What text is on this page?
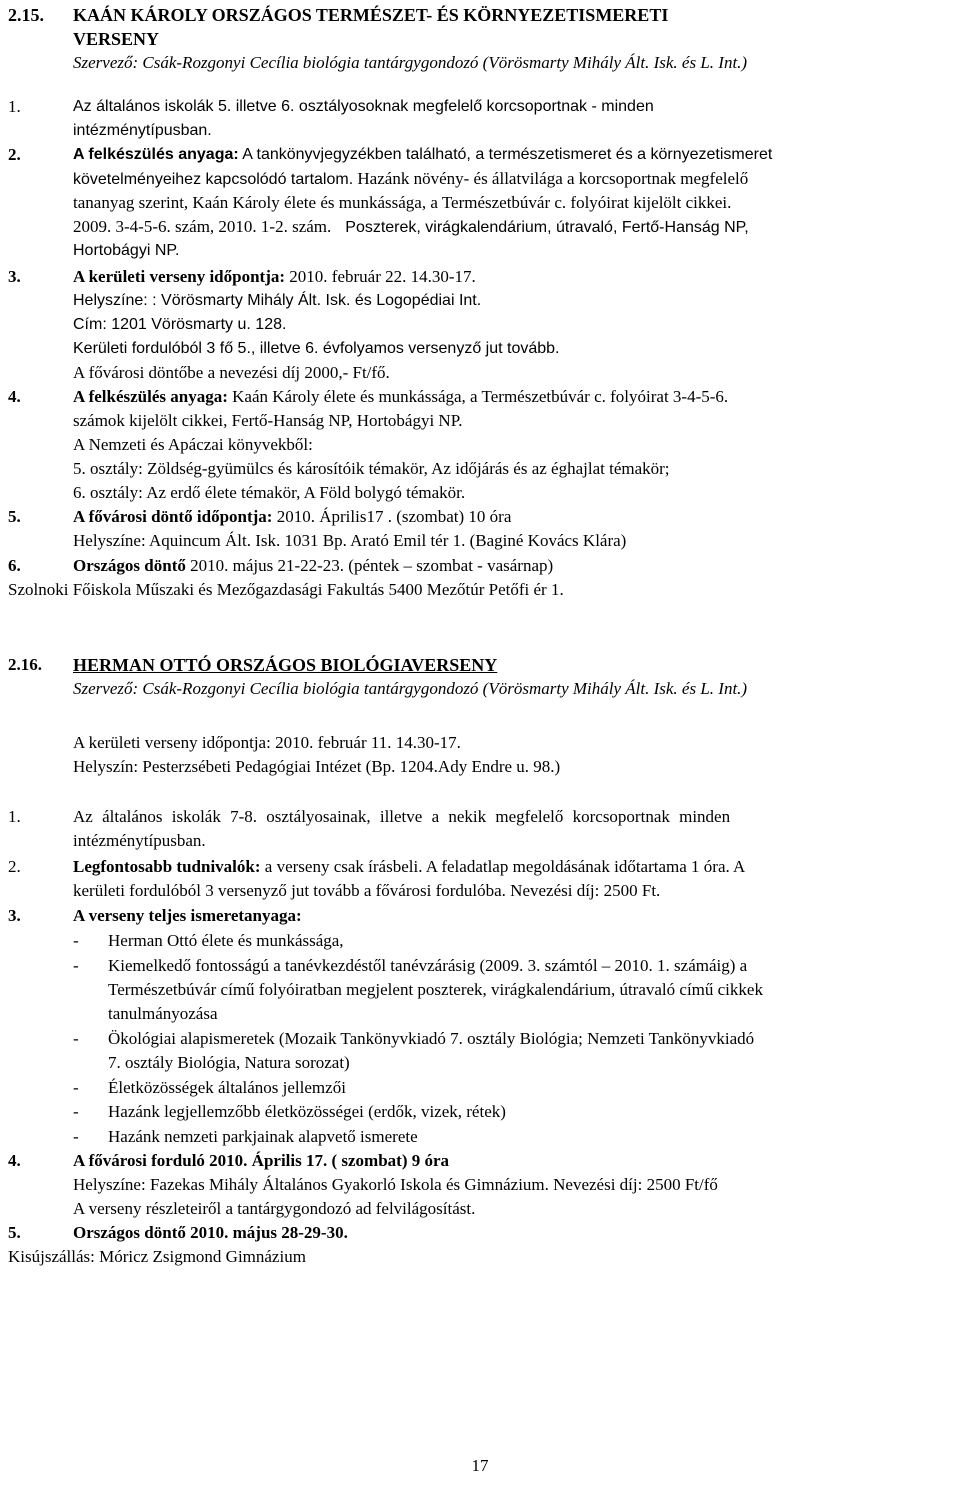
2.15. KAÁN KÁROLY ORSZÁGOS TERMÉSZET- ÉS KÖRNYEZETISMERETI
VERSENY
Szervező: Csák-Rozgonyi Cecília biológia tantárgygondozó (Vörösmarty Mihály Ált. Isk. és L. Int.)
1.	Az általános iskolák 5. illetve 6. osztályosoknak megfelelő korcsoportnak - minden
intézménytípusban.
2.	A felkészülés anyaga: A tankönyvjegyzékben található, a természetismeret és a környezetismeret
követelményeihez kapcsolódó tartalom. Hazánk növény- és állatvilága a korcsoportnak megfelelő
tananyag szerint, Kaán Károly élete és munkássága, a Természetbúvár c. folyóirat kijelölt cikkei.
2009. 3-4-5-6. szám, 2010. 1-2. szám. Poszterek, virágkalendárium, útravaló, Fertő-Hanság NP,
Hortobágyi NP.
3.	A kerületi verseny időpontja: 2010. február 22. 14.30-17.
Helyszíne: : Vörösmarty Mihály Ált. Isk. és Logopédiai Int.
Cím: 1201 Vörösmarty u. 128.
Kerületi fordulóból 3 fő 5., illetve 6. évfolyamos versenyző jut tovább.
A fővárosi döntőbe a nevezési díj 2000,- Ft/fő.
4.	A felkészülés anyaga: Kaán Károly élete és munkássága, a Természetbúvár c. folyóirat 3-4-5-6.
számok kijelölt cikkei, Fertő-Hanság NP, Hortobágyi NP.
A Nemzeti és Apáczai könyvekből:
5. osztály: Zöldség-gyümülcs és károsítóik témakör, Az időjárás és az éghajlat témakör;
6. osztály: Az erdő élete témakör, A Föld bolygó témakör.
5.	A fővárosi döntő időpontja: 2010. Április17 . (szombat) 10 óra
Helyszíne: Aquincum Ált. Isk. 1031 Bp. Arató Emil tér 1. (Baginé Kovács Klára)
6.	Országos döntő 2010. május 21-22-23. (péntek – szombat - vasárnap)
Szolnoki Főiskola Műszaki és Mezőgazdasági Fakultás 5400 Mezőtúr Petőfi ér 1.
2.16. HERMAN OTTÓ ORSZÁGOS BIOLÓGIAVERSENY
Szervező: Csák-Rozgonyi Cecília biológia tantárgygondozó (Vörösmarty Mihály Ált. Isk. és L. Int.)
A kerületi verseny időpontja: 2010. február 11. 14.30-17.
Helyszín: Pesterzsébeti Pedagógiai Intézet (Bp. 1204.Ady Endre u. 98.)
1.	Az általános iskolák 7-8. osztályosainak, illetve a nekik megfelelő korcsoportnak minden
intézménytípusban.
2.	Legfontosabb tudnivalók: a verseny csak írásbeli. A feladatlap megoldásának időtartama 1 óra. A
kerületi fordulóból 3 versenyző jut tovább a fővárosi fordulóba. Nevezési díj: 2500 Ft.
3.	A verseny teljes ismeretanyaga:
- Herman Ottó élete és munkássága,
- Kiemelkedő fontosságú a tanévkezdéstől tanévzárásig (2009. 3. számtól – 2010. 1. számáig) a
Természetbúvár című folyóiratban megjelent poszterek, virágkalendárium, útravaló című cikkek
tanulmányozása
- Ökológiai alapismeretek (Mozaik Tankönyvkiadó 7. osztály Biológia; Nemzeti Tankönyvkiadó
7. osztály Biológia, Natura sorozat)
- Életközösségek általános jellemzői
- Hazánk legjellemzőbb életközösségei (erdők, vizek, rétek)
- Hazánk nemzeti parkjainak alapvető ismerete
4.	A fővárosi forduló 2010. Április 17. ( szombat) 9 óra
Helyszíne: Fazekas Mihály Általános Gyakorló Iskola és Gimnázium. Nevezési díj: 2500 Ft/fő
A verseny részleteiről a tantárgygondozó ad felvilágosítást.
5.	Országos döntő 2010. május 28-29-30.
Kisújszállás: Móricz Zsigmond Gimnázium
17
